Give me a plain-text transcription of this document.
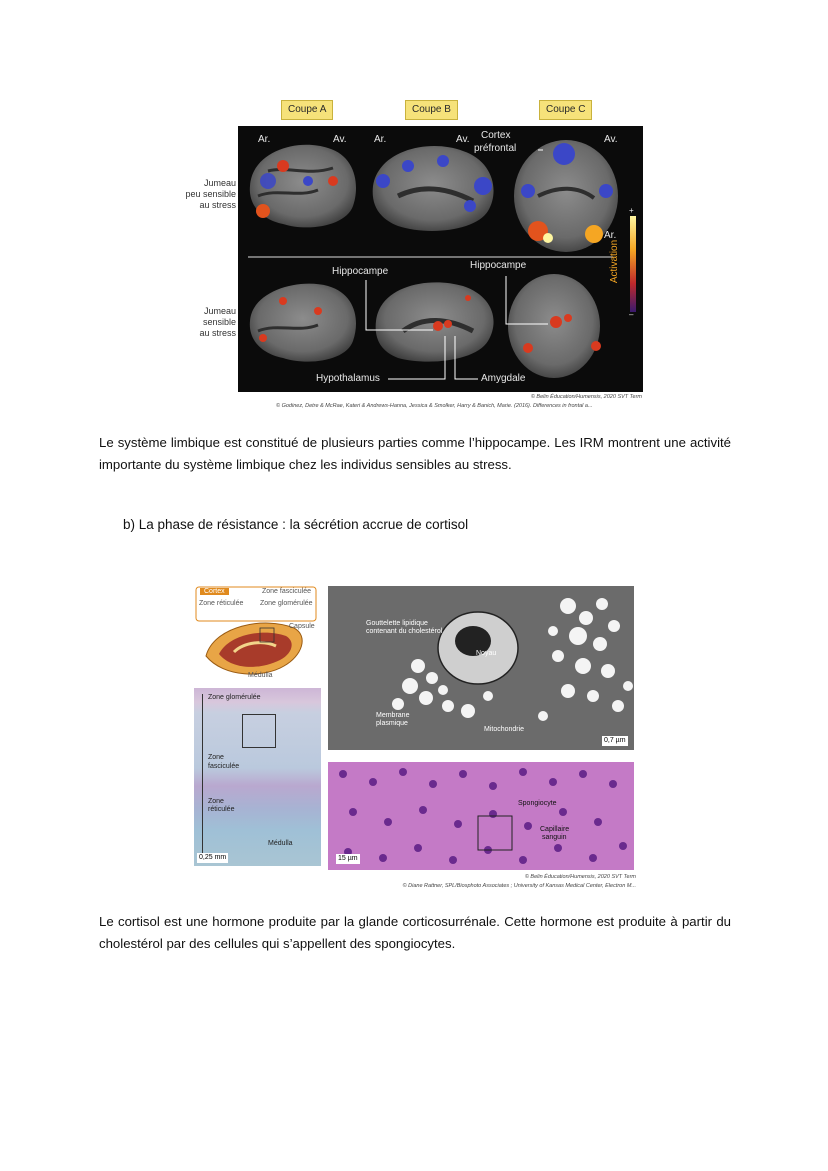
Coupe A	Coupe B	Coupe C
Jumeau
peu sensible
au stress
Jumeau
sensible
au stress
Ar.	Av.	Ar.	Av.	Av.
Ar.
Cortex
préfrontal
Hippocampe
Hippocampe
Hypothalamus	Amygdale
+
–
Activation
© Belin Éducation/Humensis, 2020 SVT Term
© Godinez, Detre & McRae, Kateri & Andrews-Hanna, Jessica & Smolker, Harry & Banich, Marie. (2016). Differences in frontal a...

Le système limbique est constitué de plusieurs parties comme l’hippocampe. Les IRM montrent une activité importante du système limbique chez les individus sensibles au stress.

b) La phase de résistance : la sécrétion accrue de cortisol
Cortex	Zone fasciculée
Zone réticulée Zone glomérulée
Capsule
Médulla
Zone glomérulée
Zone
fasciculée
Zone
réticulée
Médulla
0,25 mm
Gouttelette lipidique
contenant du cholestérol
Noyau
Membrane
plasmique
Mitochondrie
0,7 µm
Spongiocyte
Capillaire
sanguin
15 µm
© Belin Éducation/Humensis, 2020 SVT Term
© Diane Rattner, SPL/Biosphoto Associates ; University of Kansas Medical Center, Electron M...

Le cortisol est une hormone produite par la glande corticosurrénale. Cette hormone est produite à partir du cholestérol par des cellules qui s’appellent des spongiocytes.
